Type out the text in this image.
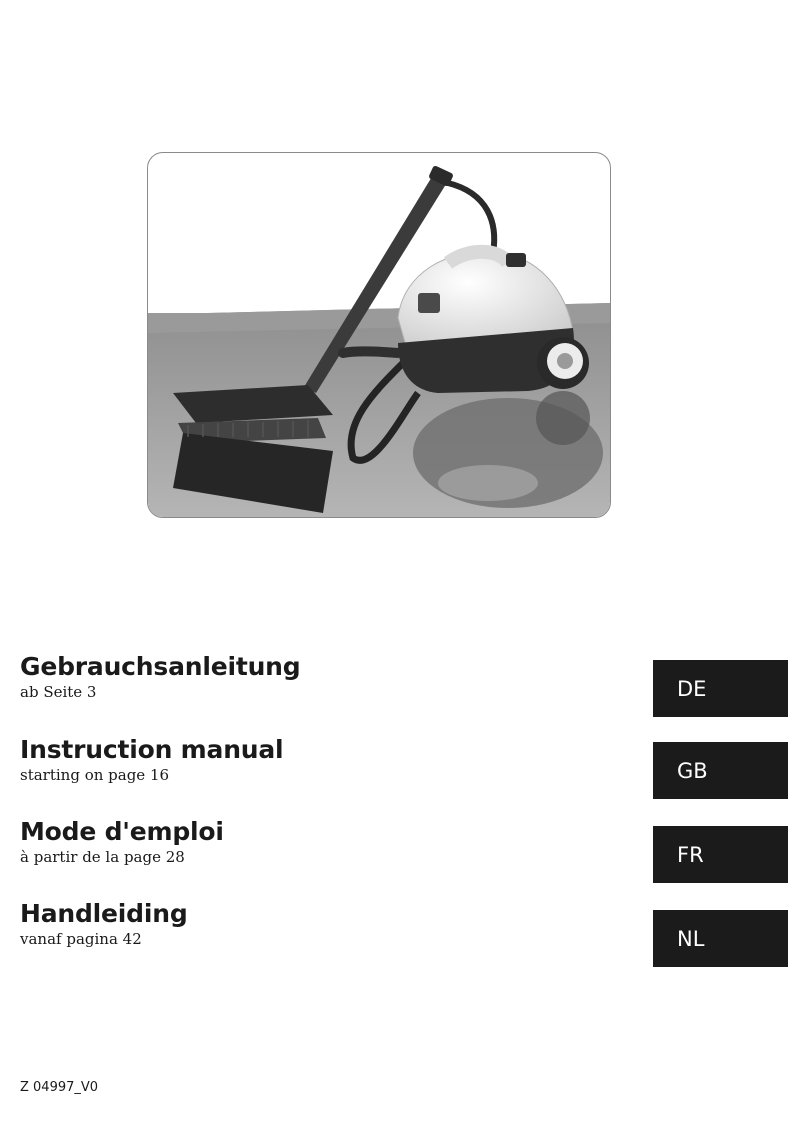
Gebrauchsanleitung

ab Seite 3	DE

Instruction manual

starting on page 16	GB

Mode d'emploi

à partir de la page 28	FR

Handleiding

vanaf pagina 42	NL
Z 04997_V0
